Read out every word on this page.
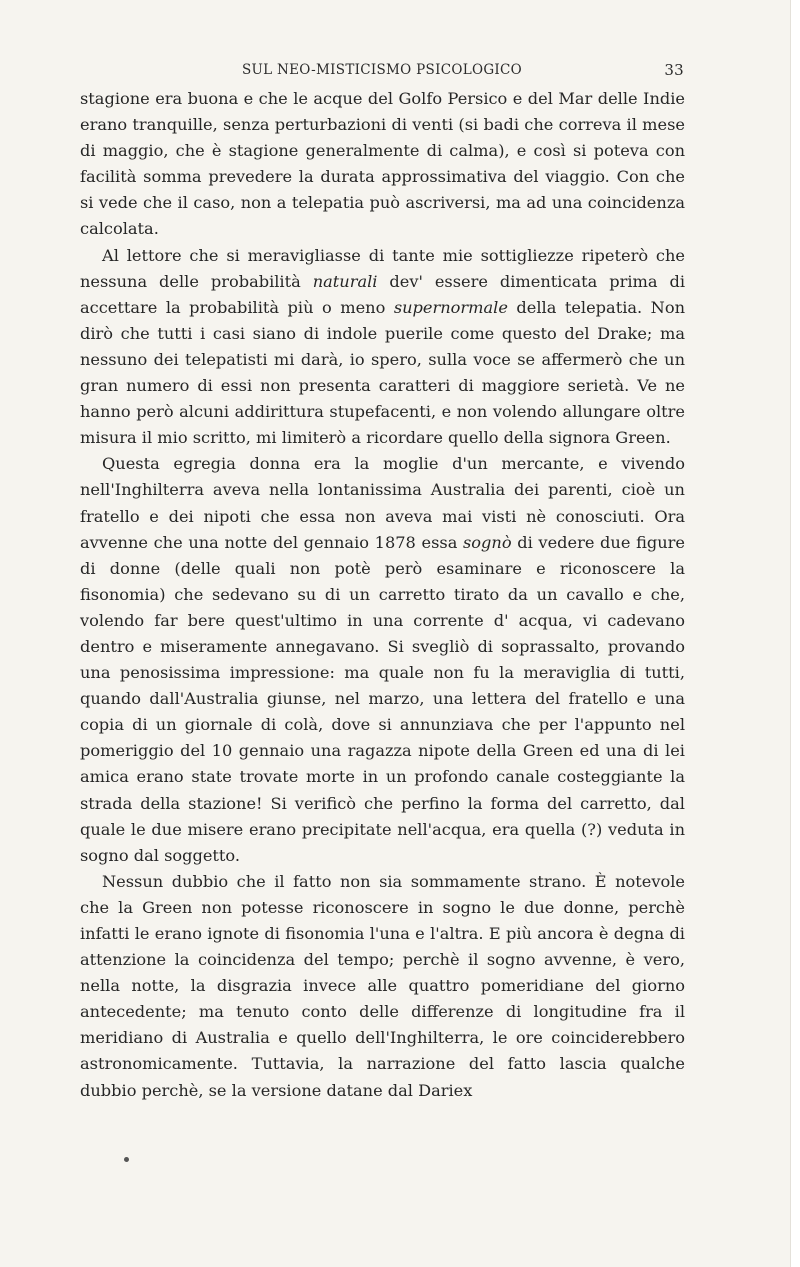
SUL NEO-MISTICISMO PSICOLOGICO	33

stagione era buona e che le acque del Golfo Persico e del Mar delle Indie erano tranquille, senza perturbazioni di venti (si badi che correva il mese di maggio, che è stagione generalmente di calma), e così si poteva con facilità somma prevedere la durata approssimativa del viaggio. Con che si vede che il caso, non a telepatia può ascriversi, ma ad una coincidenza calcolata.

Al lettore che si meravigliasse di tante mie sottigliezze ripeterò che nessuna delle probabilità naturali dev' essere dimenticata prima di accettare la probabilità più o meno supernormale della telepatia. Non dirò che tutti i casi siano di indole puerile come questo del Drake; ma nessuno dei telepatisti mi darà, io spero, sulla voce se affermerò che un gran numero di essi non presenta caratteri di maggiore serietà. Ve ne hanno però alcuni addirittura stupefacenti, e non volendo allungare oltre misura il mio scritto, mi limiterò a ricordare quello della signora Green.

Questa egregia donna era la moglie d'un mercante, e vivendo nell'Inghilterra aveva nella lontanissima Australia dei parenti, cioè un fratello e dei nipoti che essa non aveva mai visti nè conosciuti. Ora avvenne che una notte del gennaio 1878 essa sognò di vedere due figure di donne (delle quali non potè però esaminare e riconoscere la fisonomia) che sedevano su di un carretto tirato da un cavallo e che, volendo far bere quest'ultimo in una corrente d' acqua, vi cadevano dentro e miseramente annegavano. Si svegliò di soprassalto, provando una penosissima impressione: ma quale non fu la meraviglia di tutti, quando dall'Australia giunse, nel marzo, una lettera del fratello e una copia di un giornale di colà, dove si annunziava che per l'appunto nel pomeriggio del 10 gennaio una ragazza nipote della Green ed una di lei amica erano state trovate morte in un profondo canale costeggiante la strada della stazione! Si verificò che perfino la forma del carretto, dal quale le due misere erano precipitate nell'acqua, era quella (?) veduta in sogno dal soggetto.

Nessun dubbio che il fatto non sia sommamente strano. È notevole che la Green non potesse riconoscere in sogno le due donne, perchè infatti le erano ignote di fisonomia l'una e l'altra. E più ancora è degna di attenzione la coincidenza del tempo; perchè il sogno avvenne, è vero, nella notte, la disgrazia invece alle quattro pomeridiane del giorno antecedente; ma tenuto conto delle differenze di longitudine fra il meridiano di Australia e quello dell'Inghilterra, le ore coinciderebbero astronomicamente. Tuttavia, la narrazione del fatto lascia qualche dubbio perchè, se la versione datane dal Dariex
